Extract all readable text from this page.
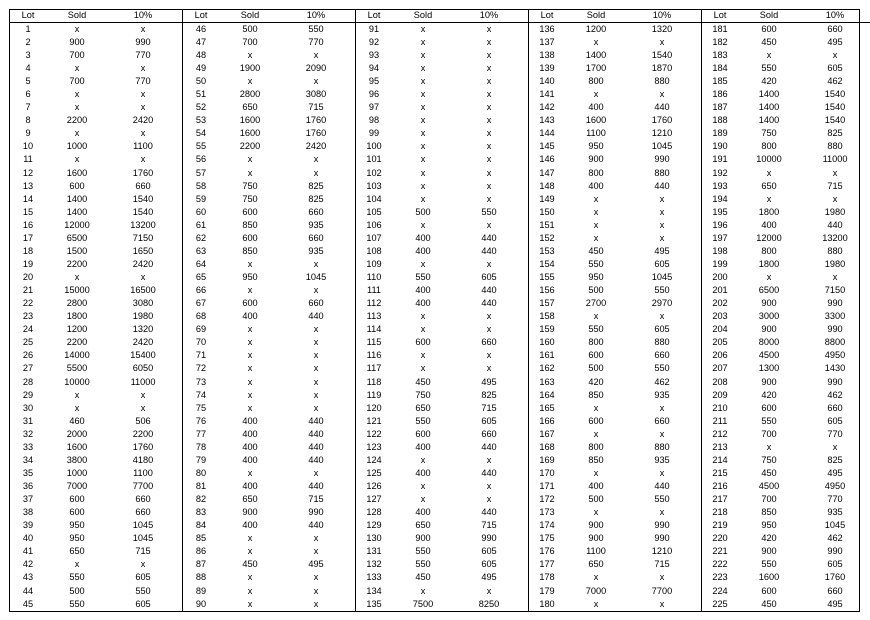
Lot	Sold	10%
1	x	x
2	900	990
3	700	770
4	x	x
5	700	770
6	x	x
7	x	x
8	2200	2420
9	x	x
10	1000	1100
11	x	x
12	1600	1760
13	600	660
14	1400	1540
15	1400	1540
16	12000	13200
17	6500	7150
18	1500	1650
19	2200	2420
20	x	x
21	15000	16500
22	2800	3080
23	1800	1980
24	1200	1320
25	2200	2420
26	14000	15400
27	5500	6050
28	10000	11000
29	x	x
30	x	x
31	460	506
32	2000	2200
33	1600	1760
34	3800	4180
35	1000	1100
36	7000	7700
37	600	660
38	600	660
39	950	1045
40	950	1045
41	650	715
42	x	x
43	550	605
44	500	550
45	550	605
Lot	Sold	10%
46	500	550
47	700	770
48	x	x
49	1900	2090
50	x	x
51	2800	3080
52	650	715
53	1600	1760
54	1600	1760
55	2200	2420
56	x	x
57	x	x
58	750	825
59	750	825
60	600	660
61	850	935
62	600	660
63	850	935
64	x	x
65	950	1045
66	x	x
67	600	660
68	400	440
69	x	x
70	x	x
71	x	x
72	x	x
73	x	x
74	x	x
75	x	x
76	400	440
77	400	440
78	400	440
79	400	440
80	x	x
81	400	440
82	650	715
83	900	990
84	400	440
85	x	x
86	x	x
87	450	495
88	x	x
89	x	x
90	x	x
Lot	Sold	10%
91	x	x
92	x	x
93	x	x
94	x	x
95	x	x
96	x	x
97	x	x
98	x	x
99	x	x
100	x	x
101	x	x
102	x	x
103	x	x
104	x	x
105	500	550
106	x	x
107	400	440
108	400	440
109	x	x
110	550	605
111	400	440
112	400	440
113	x	x
114	x	x
115	600	660
116	x	x
117	x	x
118	450	495
119	750	825
120	650	715
121	550	605
122	600	660
123	400	440
124	x	x
125	400	440
126	x	x
127	x	x
128	400	440
129	650	715
130	900	990
131	550	605
132	550	605
133	450	495
134	x	x
135	7500	8250
Lot	Sold	10%
136	1200	1320
137	x	x
138	1400	1540
139	1700	1870
140	800	880
141	x	x
142	400	440
143	1600	1760
144	1100	1210
145	950	1045
146	900	990
147	800	880
148	400	440
149	x	x
150	x	x
151	x	x
152	x	x
153	450	495
154	550	605
155	950	1045
156	500	550
157	2700	2970
158	x	x
159	550	605
160	800	880
161	600	660
162	500	550
163	420	462
164	850	935
165	x	x
166	600	660
167	x	x
168	800	880
169	850	935
170	x	x
171	400	440
172	500	550
173	x	x
174	900	990
175	900	990
176	1100	1210
177	650	715
178	x	x
179	7000	7700
180	x	x
Lot	Sold	10%
181	600	660
182	450	495
183	x	x
184	550	605
185	420	462
186	1400	1540
187	1400	1540
188	1400	1540
189	750	825
190	800	880
191	10000	11000
192	x	x
193	650	715
194	x	x
195	1800	1980
196	400	440
197	12000	13200
198	800	880
199	1800	1980
200	x	x
201	6500	7150
202	900	990
203	3000	3300
204	900	990
205	8000	8800
206	4500	4950
207	1300	1430
208	900	990
209	420	462
210	600	660
211	550	605
212	700	770
213	x	x
214	750	825
215	450	495
216	4500	4950
217	700	770
218	850	935
219	950	1045
220	420	462
221	900	990
222	550	605
223	1600	1760
224	600	660
225	450	495
